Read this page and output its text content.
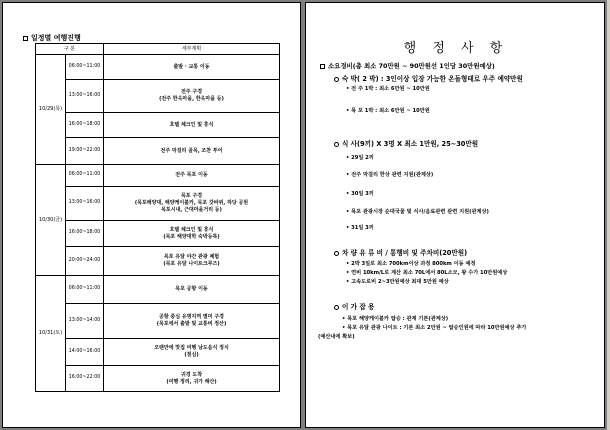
일정별 여행진행
구 분		세부계획
10/29(목)	06:00~11:00	출발 · 교통 이동
	13:00~16:00	전주 구경
(전주 한옥마을, 한옥마을 등)
	16:00~18:00	호텔 체크인 및 휴식
	19:00~22:00	전주 막걸리 골목, 조찬 투어
10/30(금)	06:00~11:00	전주 목포 이동
	13:00~16:00	목포 구경
(목포해양대, 해양케이블카, 목포 갓바위, 하당 공원
목포시내, 근대마을거리 등)
	16:00~18:00	호텔 체크인 및 휴식
(목포 해양대학 숙박등록)
	20:00~24:00	목포 유달 야간 관광 체험
(목포 유달 나이트크루즈)
10/31(토)	06:00~11:00	목포 공항 이동
	13:00~14:00	공항 중심 유명지역 별미 구경
(목포에서 출발 및 교통비 정산)
	14:00~16:00	오랜만에 맛집 여행 남도음식 정식
(점심)
	16:00~22:00	귀경 도착
(여행 정리, 귀가 해산)
행 정 사 항
소요경비(총 최소 70만원 ~ 90만원선 1인당 30만원예상)
숙 박( 2 박) : 3인이상 입장 가능한 온돌형태로 우주 예약만원
• 전 주 1박 : 최소 6만원 ~ 10만원
• 목 포 1박 : 최소 6만원 ~ 10만원
식 사(9끼) X 3명 X 최소 1만원, 25~30만원
• 29일 2끼
• 전주 막걸리 한상 관련 지원(관계상)
• 30일 3끼
• 목포 관광시장 순대국물 및 식사/음료관련 관련 지원(관계상)
• 31일 3끼
차 량 유 류 비 / 통행비 및 주차비(20만원)
• 2박 3일로 최소 700km이상 과정 800km 이동 예정
• 연비 10km/L로 계산 최소 70L에서 80L소모, 왕 수가 10만원예상
• 고속도로비 2~3만원예상 최대 5만원 예상
이 가 잡 용
• 목포 해양케이블카 탑승 : 관계 기본(관계상)
• 목포 유달 관광 나이트 : 기본 최소 2만원 ~ 탑승인원에 따라 10만원예상 추가
(예산내에 확보)
